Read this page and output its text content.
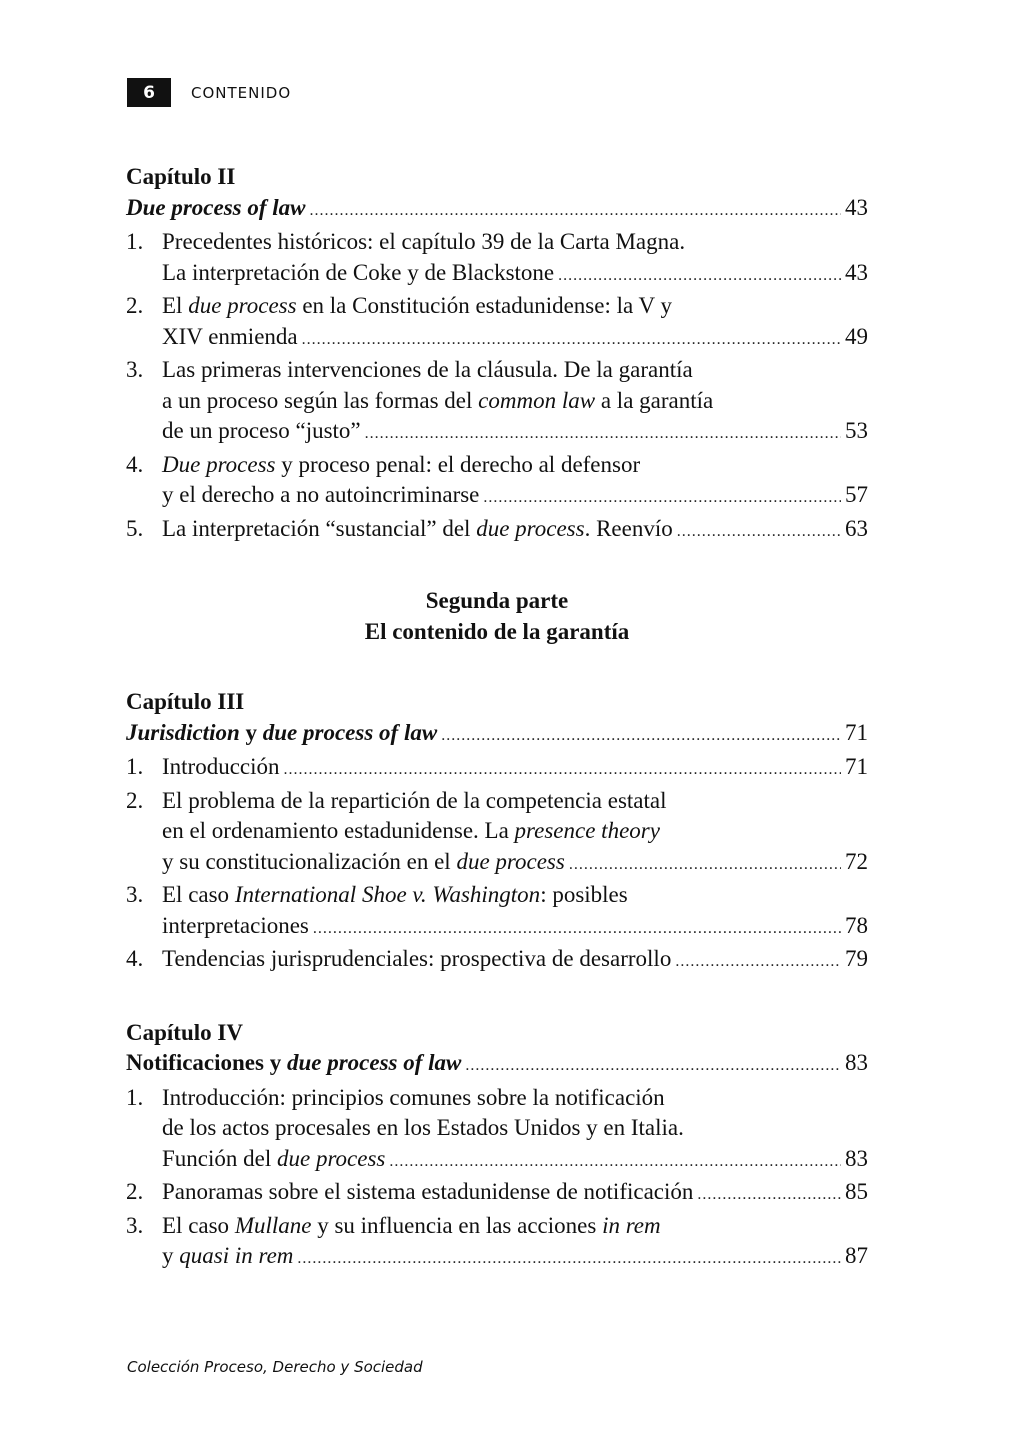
6	CONTENIDO
Capítulo II
Due process of law .....	43
1. Precedentes históricos: el capítulo 39 de la Carta Magna.
La interpretación de Coke y de Blackstone .....	43
2. El due process en la Constitución estadunidense: la V y
XIV enmienda .....	49
3. Las primeras intervenciones de la cláusula. De la garantía
a un proceso según las formas del common law a la garantía
de un proceso “justo” .....	53
4. Due process y proceso penal: el derecho al defensor
y el derecho a no autoincriminarse .....	57
5. La interpretación “sustancial” del due process. Reenvío .....	63
Segunda parte
El contenido de la garantía
Capítulo III
Jurisdiction y due process of law .....	71
1. Introducción .....	71
2. El problema de la repartición de la competencia estatal
en el ordenamiento estadunidense. La presence theory
y su constitucionalización en el due process .....	72
3. El caso International Shoe v. Washington: posibles
interpretaciones .....	78
4. Tendencias jurisprudenciales: prospectiva de desarrollo .....	79
Capítulo IV
Notificaciones y due process of law .....	83
1. Introducción: principios comunes sobre la notificación
de los actos procesales en los Estados Unidos y en Italia.
Función del due process .....	83
2. Panoramas sobre el sistema estadunidense de notificación .....	85
3. El caso Mullane y su influencia en las acciones in rem
y quasi in rem .....	87
Colección Proceso, Derecho y Sociedad
